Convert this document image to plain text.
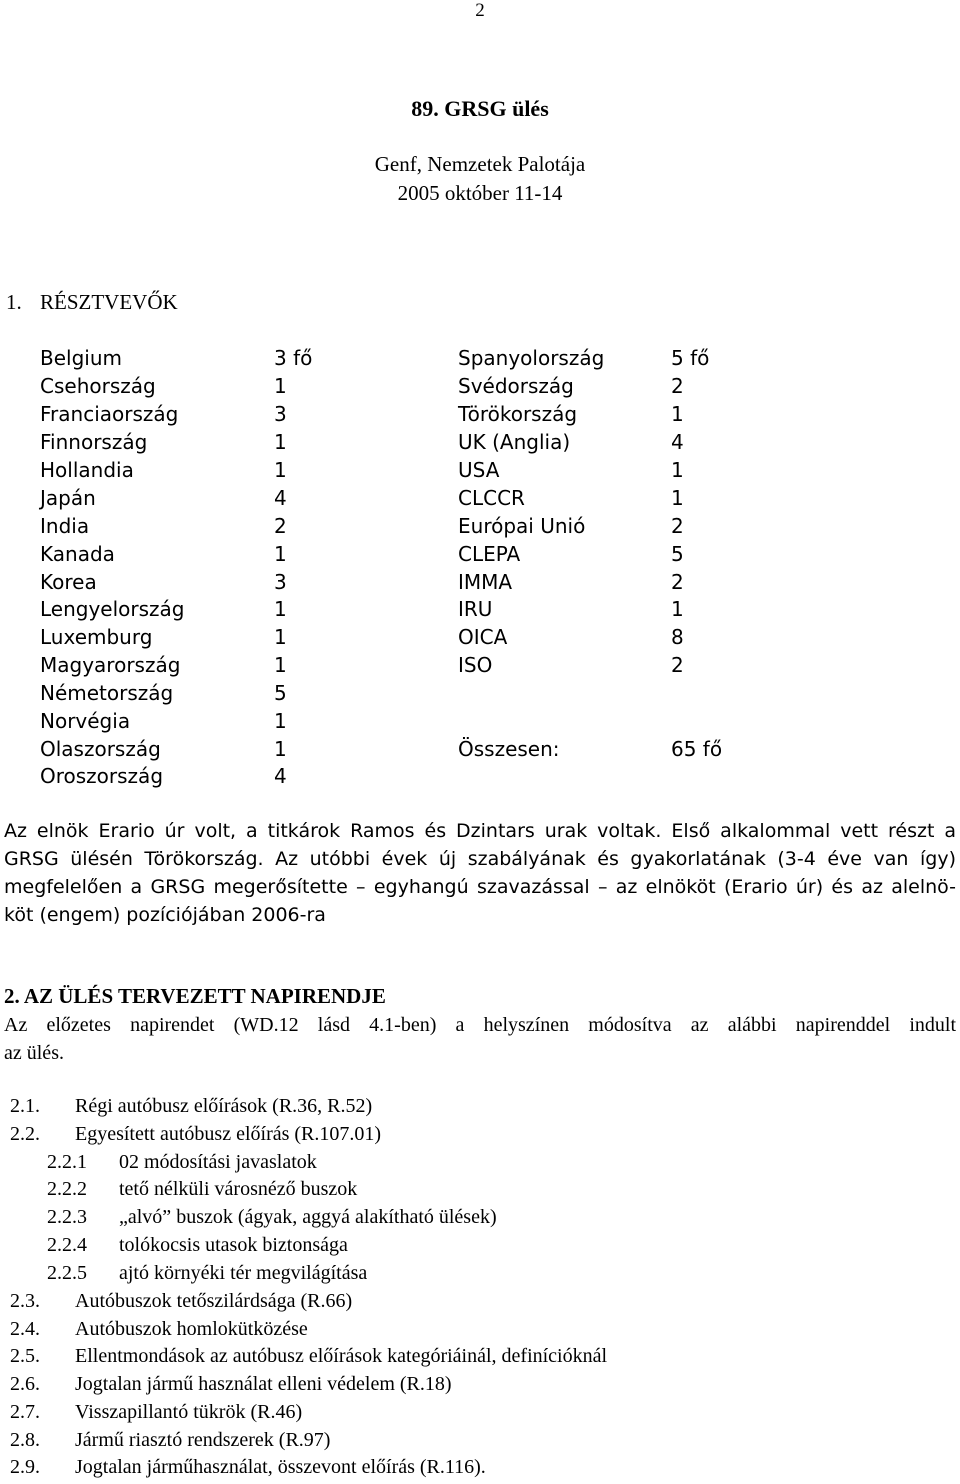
2
89. GRSG ülés
Genf, Nemzetek Palotája
2005 október 11-14
1. RÉSZTVEVŐK
Belgium	3 fő	Spanyolország	5 fő
Csehország	1	Svédország	2
Franciaország	3	Törökország	1
Finnország	1	UK (Anglia)	4
Hollandia	1	USA	1
Japán	4	CLCCR	1
India	2	Európai Unió	2
Kanada	1	CLEPA	5
Korea	3	IMMA	2
Lengyelország	1	IRU	1
Luxemburg	1	OICA	8
Magyarország	1	ISO	2
Németország	5
Norvégia	1
Olaszország	1	Összesen:	65 fő
Oroszország	4
Az elnök Erario úr volt, a titkárok Ramos és Dzintars urak voltak. Első alkalommal vett részt a
GRSG ülésén Törökország. Az utóbbi évek új szabályának és gyakorlatának (3-4 éve van így)
megfelelően a GRSG megerősítette – egyhangú szavazással – az elnököt (Erario úr) és az alelnö-
köt (engem) pozíciójában 2006-ra
2. AZ ÜLÉS TERVEZETT NAPIRENDJE
Az előzetes napirendet (WD.12 lásd 4.1-ben) a helyszínen módosítva az alábbi napirenddel indult
az ülés.
2.1. Régi autóbusz előírások (R.36, R.52)
2.2. Egyesített autóbusz előírás (R.107.01)
2.2.1 02 módosítási javaslatok
2.2.2 tető nélküli városnéző buszok
2.2.3 „alvó” buszok (ágyak, aggyá alakítható ülések)
2.2.4 tolókocsis utasok biztonsága
2.2.5 ajtó környéki tér megvilágítása
2.3. Autóbuszok tetőszilárdsága (R.66)
2.4. Autóbuszok homlokütközése
2.5. Ellentmondások az autóbusz előírások kategóriáinál, definícióknál
2.6. Jogtalan jármű használat elleni védelem (R.18)
2.7. Visszapillantó tükrök (R.46)
2.8. Jármű riasztó rendszerek (R.97)
2.9. Jogtalan járműhasználat, összevont előírás (R.116).
